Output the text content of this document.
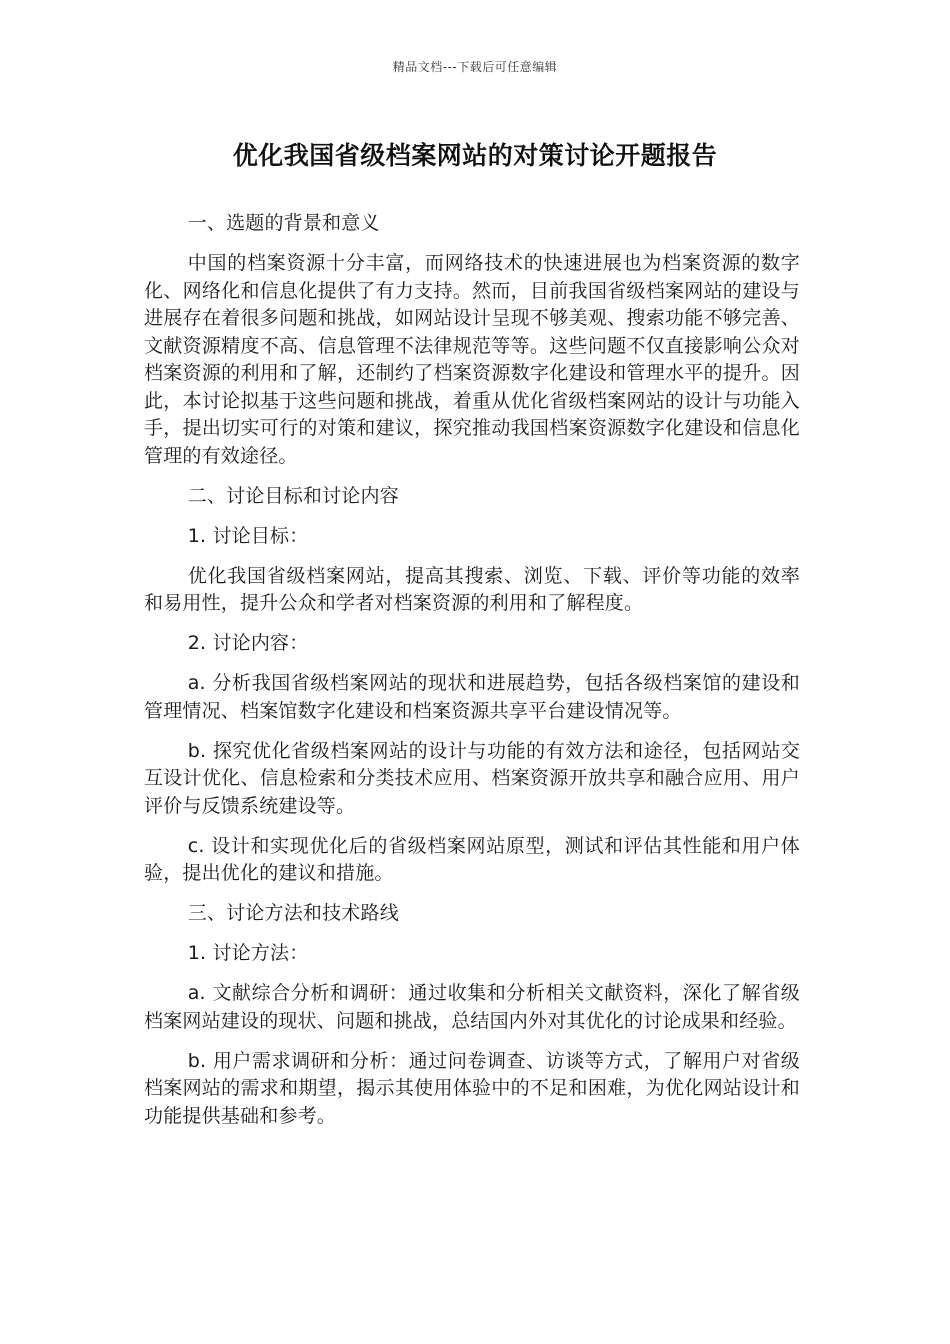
精品文档---下载后可任意编辑
优化我国省级档案网站的对策讨论开题报告

一、选题的背景和意义

中国的档案资源十分丰富，而网络技术的快速进展也为档案资源的数字化、网络化和信息化提供了有力支持。然而，目前我国省级档案网站的建设与进展存在着很多问题和挑战，如网站设计呈现不够美观、搜索功能不够完善、文献资源精度不高、信息管理不法律规范等等。这些问题不仅直接影响公众对档案资源的利用和了解，还制约了档案资源数字化建设和管理水平的提升。因此，本讨论拟基于这些问题和挑战，着重从优化省级档案网站的设计与功能入手，提出切实可行的对策和建议，探究推动我国档案资源数字化建设和信息化管理的有效途径。

二、讨论目标和讨论内容

1. 讨论目标：

优化我国省级档案网站，提高其搜索、浏览、下载、评价等功能的效率和易用性，提升公众和学者对档案资源的利用和了解程度。

2. 讨论内容：

a. 分析我国省级档案网站的现状和进展趋势，包括各级档案馆的建设和管理情况、档案馆数字化建设和档案资源共享平台建设情况等。

b. 探究优化省级档案网站的设计与功能的有效方法和途径，包括网站交互设计优化、信息检索和分类技术应用、档案资源开放共享和融合应用、用户评价与反馈系统建设等。

c. 设计和实现优化后的省级档案网站原型，测试和评估其性能和用户体验，提出优化的建议和措施。

三、讨论方法和技术路线

1. 讨论方法：

a. 文献综合分析和调研：通过收集和分析相关文献资料，深化了解省级档案网站建设的现状、问题和挑战，总结国内外对其优化的讨论成果和经验。

b. 用户需求调研和分析：通过问卷调查、访谈等方式，了解用户对省级档案网站的需求和期望，揭示其使用体验中的不足和困难，为优化网站设计和功能提供基础和参考。
